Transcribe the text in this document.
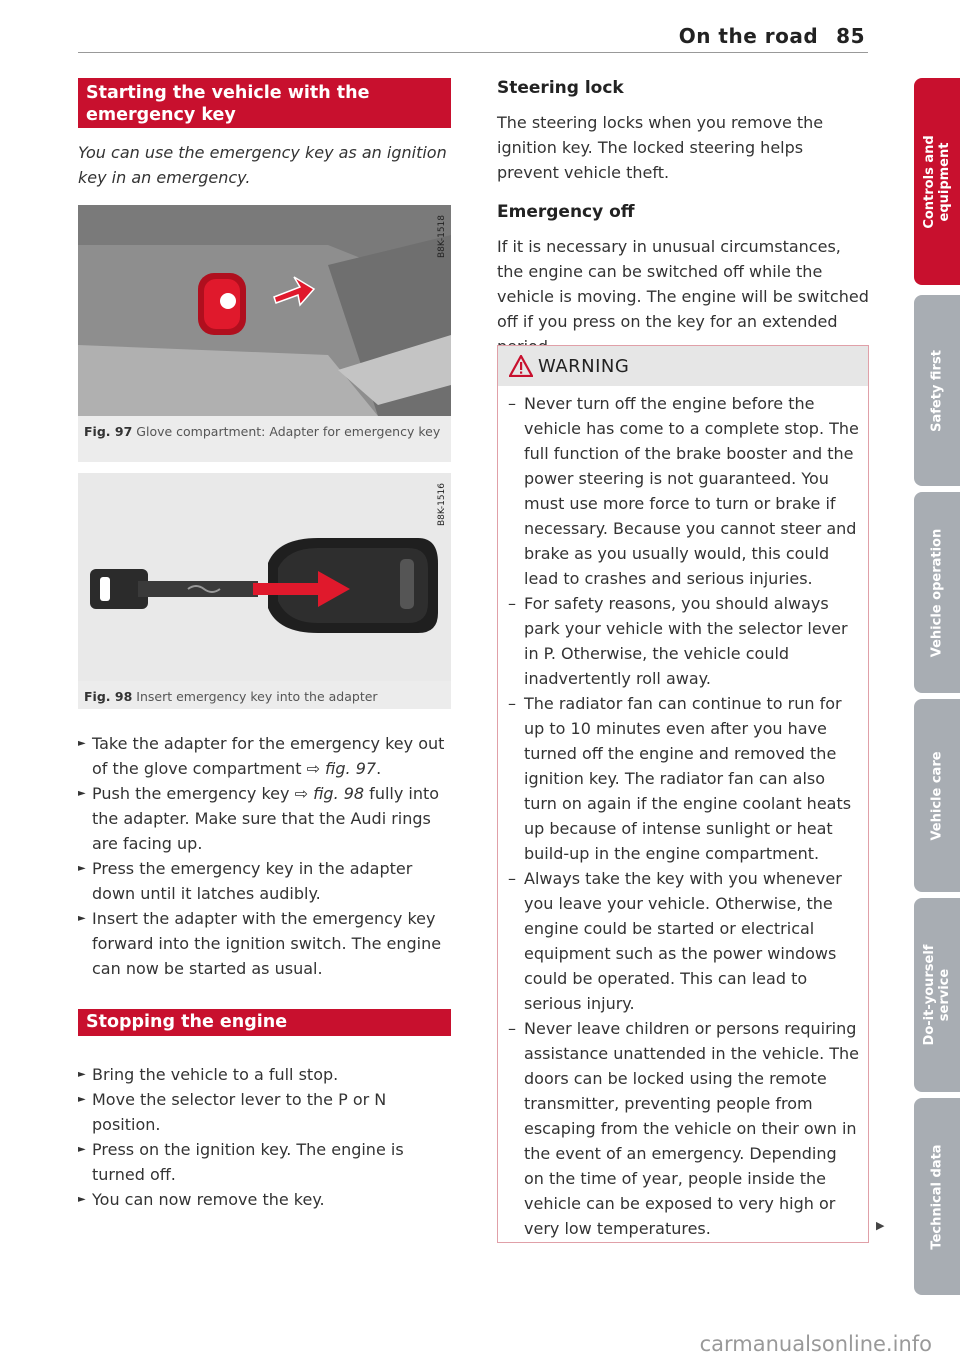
On the road 85
Starting the vehicle with the emergency key
You can use the emergency key as an ignition key in an emergency.
B8K-1518
Fig. 97 Glove compartment: Adapter for emergency key
B8K-1516
Fig. 98 Insert emergency key into the adapter
► Take the adapter for the emergency key out of the glove compartment ⇨ fig. 97.
► Push the emergency key ⇨ fig. 98 fully into the adapter. Make sure that the Audi rings are facing up.
► Press the emergency key in the adapter down until it latches audibly.
► Insert the adapter with the emergency key forward into the ignition switch. The engine can now be started as usual.
Stopping the engine
► Bring the vehicle to a full stop.
► Move the selector lever to the P or N position.
► Press on the ignition key. The engine is turned off.
► You can now remove the key.
Steering lock
The steering locks when you remove the ignition key. The locked steering helps prevent vehicle theft.
Emergency off
If it is necessary in unusual circumstances, the engine can be switched off while the vehicle is moving. The engine will be switched off if you press on the key for an extended
WARNING
– Never turn off the engine before the vehicle has come to a complete stop. The full function of the brake booster and the power steering is not guaranteed. You must use more force to turn or brake if necessary. Because you cannot steer and brake as you usually would, this could lead to crashes and serious injuries.
– For safety reasons, you should always park your vehicle with the selector lever in P. Otherwise, the vehicle could inadvertently roll away.
– The radiator fan can continue to run for up to 10 minutes even after you have turned off the engine and removed the ignition key. The radiator fan can also turn on again if the engine coolant heats up because of intense sunlight or heat build-up in the engine compartment.
– Always take the key with you whenever you leave your vehicle. Otherwise, the engine could be started or electrical equipment such as the power windows could be operated. This can lead to serious injury.
– Never leave children or persons requiring assistance unattended in the vehicle. The doors can be locked using the remote transmitter, preventing people from escaping from the vehicle on their own in the event of an emergency. Depending on the time of year, people inside the vehicle can be exposed to very high or very low temperatures.	▶
Controls and equipment
Safety first
Vehicle operation
Vehicle care
Do-it-yourself service
Technical data
carmanualsonline.info
